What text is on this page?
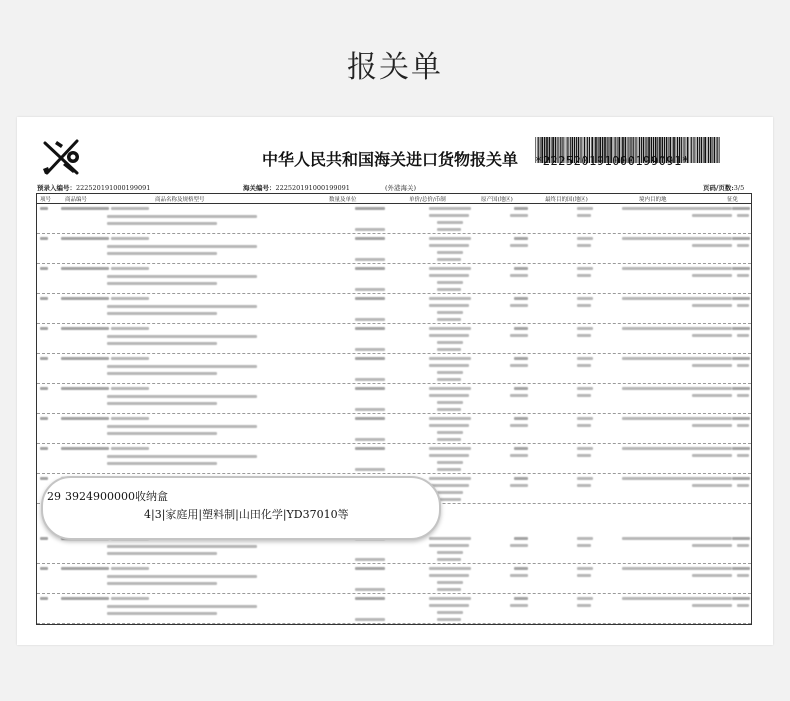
报关单
中华人民共和国海关进口货物报关单 *222520191000199091*
预录入编号：222520191000199091	海关编号：222520191000199091	(外港海关)	页码/页数:3/5
项号	商品编号	商品名称及规格型号	数量及单位	单价/总价/币制	原产国(地区)	最终目的国(地区)	境内目的地	征免
29 3924900000收纳盒
4|3|家庭用|塑料制|山田化学|YD37010等
